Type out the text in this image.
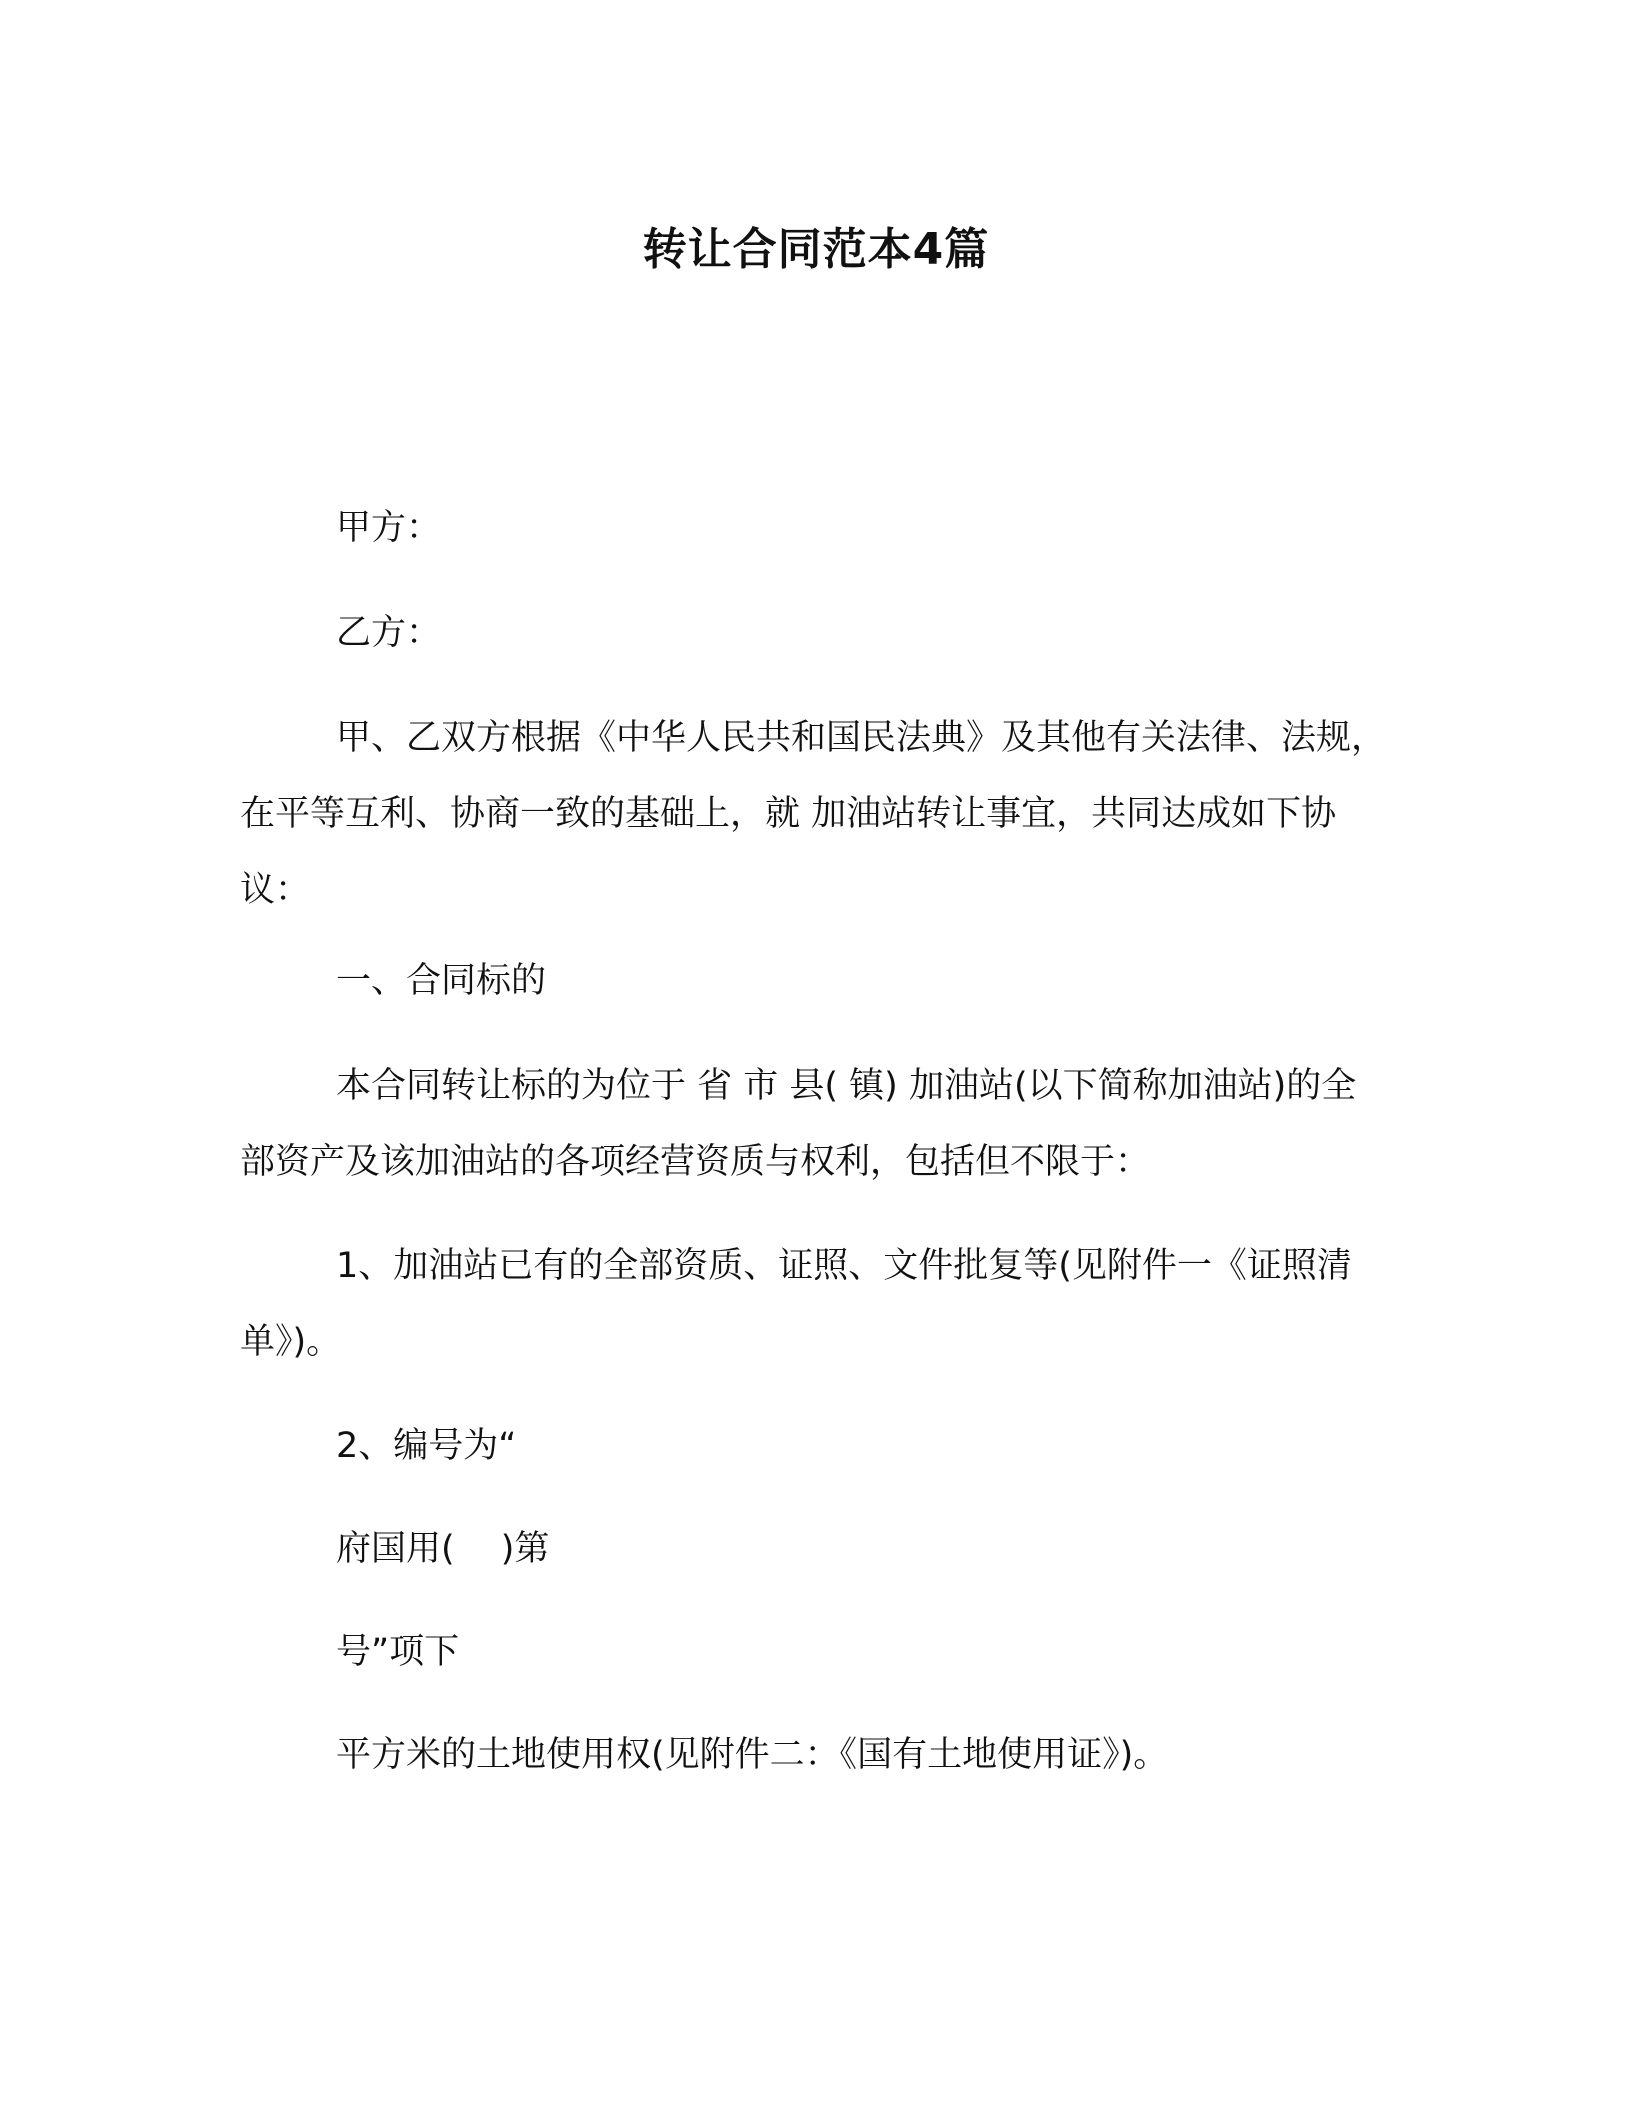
转让合同范本4篇

甲方：

乙方：

甲、乙双方根据《中华人民共和国民法典》及其他有关法律、法规，在平等互利、协商一致的基础上，就 加油站转让事宜，共同达成如下协议：

一、合同标的

本合同转让标的为位于 省 市 县( 镇) 加油站(以下简称加油站)的全部资产及该加油站的各项经营资质与权利，包括但不限于：

1、加油站已有的全部资质、证照、文件批复等(见附件一《证照清单》)。

2、编号为“

府国用(　 )第

号”项下

平方米的土地使用权(见附件二：《国有土地使用证》)。
